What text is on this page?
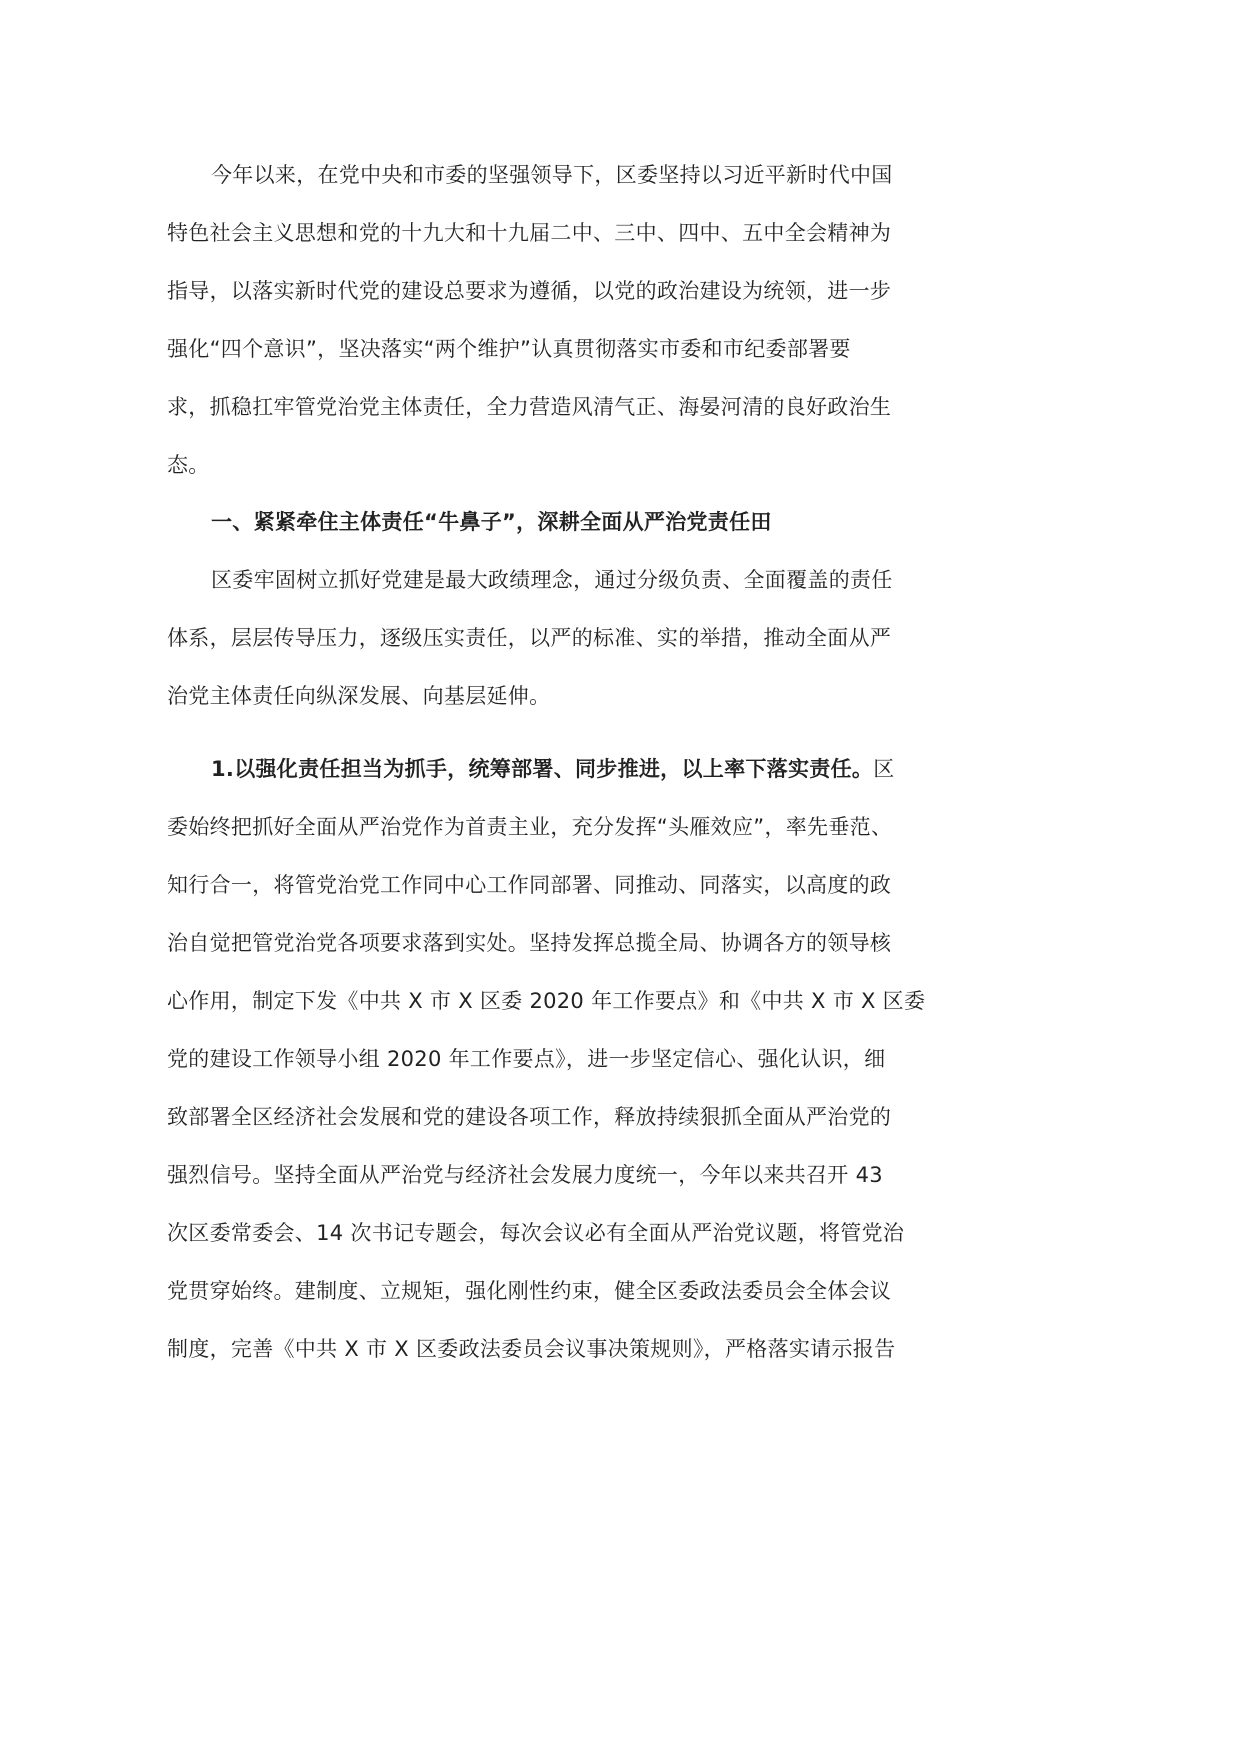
今年以来，在党中央和市委的坚强领导下，区委坚持以习近平新时代中国
特色社会主义思想和党的十九大和十九届二中、三中、四中、五中全会精神为
指导，以落实新时代党的建设总要求为遵循，以党的政治建设为统领，进一步
强化“四个意识”，坚决落实“两个维护”认真贯彻落实市委和市纪委部署要
求，抓稳扛牢管党治党主体责任，全力营造风清气正、海晏河清的良好政治生
态。
一、紧紧牵住主体责任“牛鼻子”，深耕全面从严治党责任田
区委牢固树立抓好党建是最大政绩理念，通过分级负责、全面覆盖的责任
体系，层层传导压力，逐级压实责任，以严的标准、实的举措，推动全面从严
治党主体责任向纵深发展、向基层延伸。
1.以强化责任担当为抓手，统筹部署、同步推进，以上率下落实责任。区
委始终把抓好全面从严治党作为首责主业，充分发挥“头雁效应”，率先垂范、
知行合一，将管党治党工作同中心工作同部署、同推动、同落实，以高度的政
治自觉把管党治党各项要求落到实处。坚持发挥总揽全局、协调各方的领导核
心作用，制定下发《中共 X 市 X 区委 2020 年工作要点》和《中共 X 市 X 区委
党的建设工作领导小组 2020 年工作要点》，进一步坚定信心、强化认识，细
致部署全区经济社会发展和党的建设各项工作，释放持续狠抓全面从严治党的
强烈信号。坚持全面从严治党与经济社会发展力度统一，今年以来共召开 43
次区委常委会、14 次书记专题会，每次会议必有全面从严治党议题，将管党治
党贯穿始终。建制度、立规矩，强化刚性约束，健全区委政法委员会全体会议
制度，完善《中共 X 市 X 区委政法委员会议事决策规则》，严格落实请示报告
